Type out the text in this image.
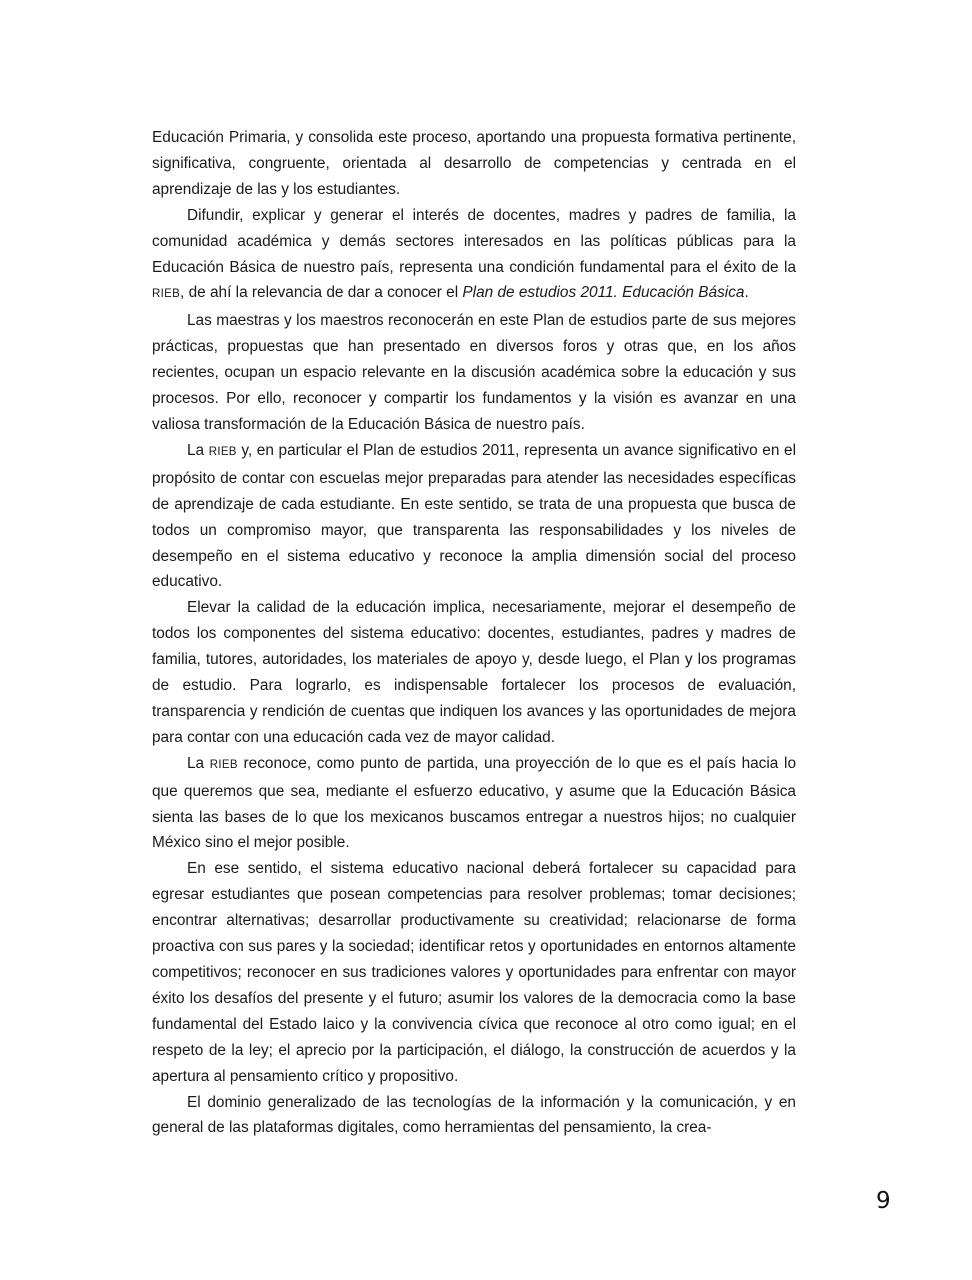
Educación Primaria, y consolida este proceso, aportando una propuesta formativa pertinente, significativa, congruente, orientada al desarrollo de competencias y centrada en el aprendizaje de las y los estudiantes.

Difundir, explicar y generar el interés de docentes, madres y padres de familia, la comunidad académica y demás sectores interesados en las políticas públicas para la Educación Básica de nuestro país, representa una condición fundamental para el éxito de la RIEB, de ahí la relevancia de dar a conocer el Plan de estudios 2011. Educación Básica.

Las maestras y los maestros reconocerán en este Plan de estudios parte de sus mejores prácticas, propuestas que han presentado en diversos foros y otras que, en los años recientes, ocupan un espacio relevante en la discusión académica sobre la educación y sus procesos. Por ello, reconocer y compartir los fundamentos y la visión es avanzar en una valiosa transformación de la Educación Básica de nuestro país.

La RIEB y, en particular el Plan de estudios 2011, representa un avance significativo en el propósito de contar con escuelas mejor preparadas para atender las necesidades específicas de aprendizaje de cada estudiante. En este sentido, se trata de una propuesta que busca de todos un compromiso mayor, que transparenta las responsabilidades y los niveles de desempeño en el sistema educativo y reconoce la amplia dimensión social del proceso educativo.

Elevar la calidad de la educación implica, necesariamente, mejorar el desempeño de todos los componentes del sistema educativo: docentes, estudiantes, padres y madres de familia, tutores, autoridades, los materiales de apoyo y, desde luego, el Plan y los programas de estudio. Para lograrlo, es indispensable fortalecer los procesos de evaluación, transparencia y rendición de cuentas que indiquen los avances y las oportunidades de mejora para contar con una educación cada vez de mayor calidad.

La RIEB reconoce, como punto de partida, una proyección de lo que es el país hacia lo que queremos que sea, mediante el esfuerzo educativo, y asume que la Educación Básica sienta las bases de lo que los mexicanos buscamos entregar a nuestros hijos; no cualquier México sino el mejor posible.

En ese sentido, el sistema educativo nacional deberá fortalecer su capacidad para egresar estudiantes que posean competencias para resolver problemas; tomar decisiones; encontrar alternativas; desarrollar productivamente su creatividad; relacionarse de forma proactiva con sus pares y la sociedad; identificar retos y oportunidades en entornos altamente competitivos; reconocer en sus tradiciones valores y oportunidades para enfrentar con mayor éxito los desafíos del presente y el futuro; asumir los valores de la democracia como la base fundamental del Estado laico y la convivencia cívica que reconoce al otro como igual; en el respeto de la ley; el aprecio por la participación, el diálogo, la construcción de acuerdos y la apertura al pensamiento crítico y propositivo.

El dominio generalizado de las tecnologías de la información y la comunicación, y en general de las plataformas digitales, como herramientas del pensamiento, la crea-

9
